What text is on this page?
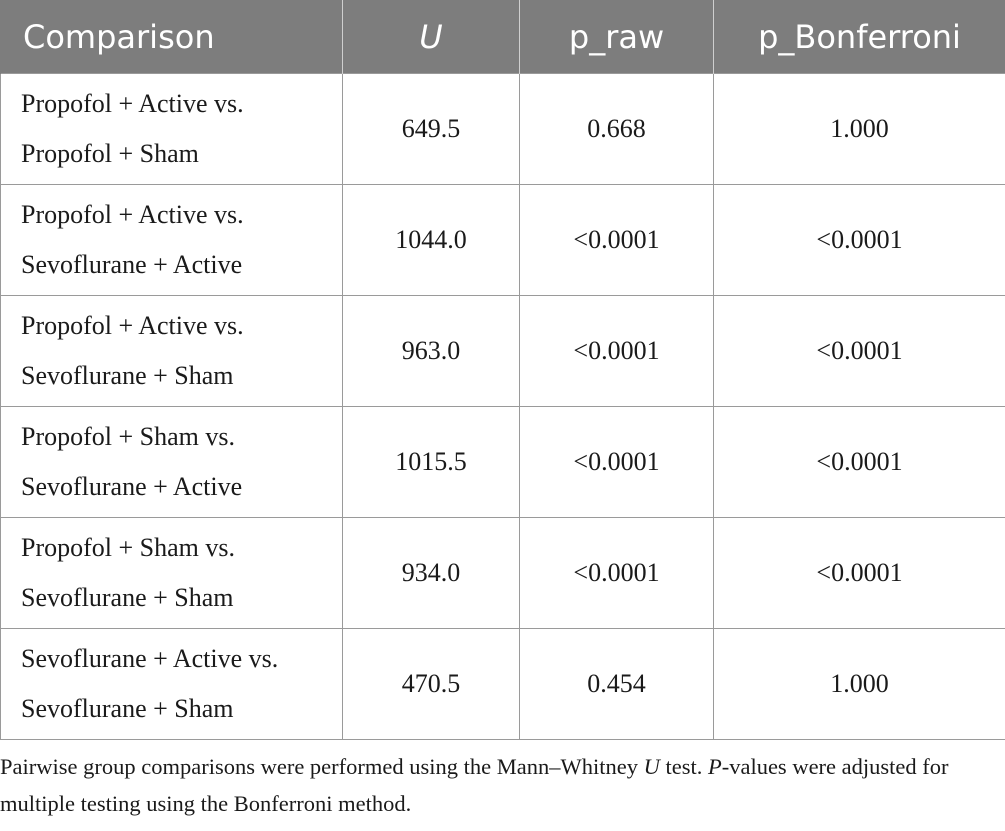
Comparison	U	p_raw	p_Bonferroni
Propofol + Active vs.
Propofol + Sham	649.5	0.668	1.000
Propofol + Active vs.
Sevoflurane + Active	1044.0	<0.0001	<0.0001
Propofol + Active vs.
Sevoflurane + Sham	963.0	<0.0001	<0.0001
Propofol + Sham vs.
Sevoflurane + Active	1015.5	<0.0001	<0.0001
Propofol + Sham vs.
Sevoflurane + Sham	934.0	<0.0001	<0.0001
Sevoflurane + Active vs.
Sevoflurane + Sham	470.5	0.454	1.000
Pairwise group comparisons were performed using the Mann–Whitney U test. P-values were adjusted for multiple testing using the Bonferroni method.
